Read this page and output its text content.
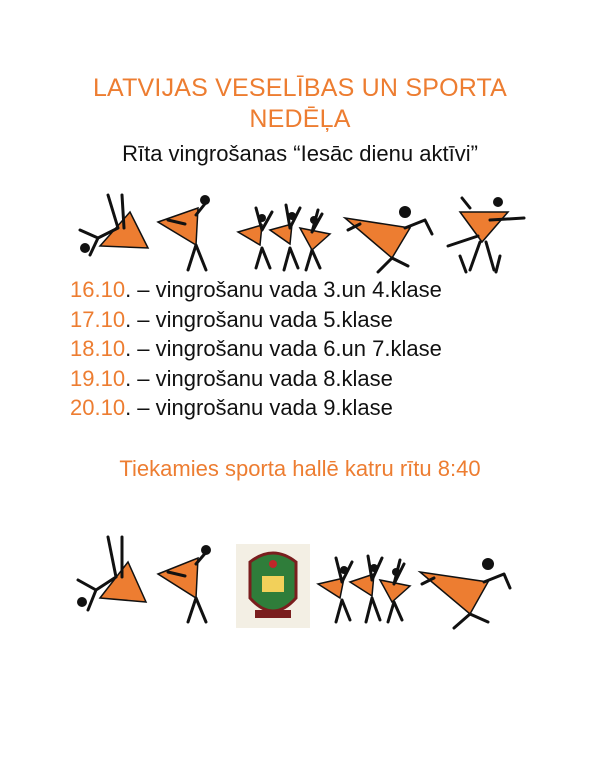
LATVIJAS VESELĪBAS UN SPORTA
NEDĒĻA
Rīta vingrošanas “Iesāc dienu aktīvi”
16.10. – vingrošanu vada 3.un 4.klase
17.10. – vingrošanu vada 5.klase
18.10. – vingrošanu vada 6.un 7.klase
19.10. – vingrošanu vada 8.klase
20.10. – vingrošanu vada 9.klase
Tiekamies sporta hallē katru rītu 8:40
